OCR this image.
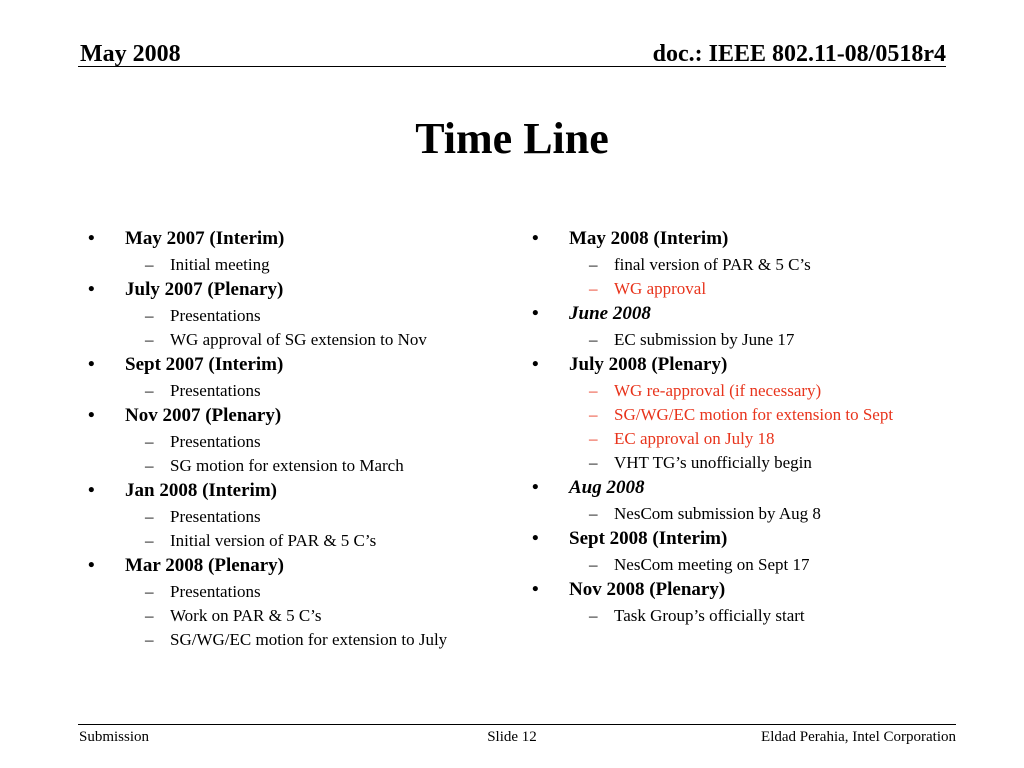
May 2008	doc.: IEEE 802.11-08/0518r4
Time Line
• May 2007 (Interim)
– Initial meeting
• July 2007 (Plenary)
– Presentations
– WG approval of SG extension to Nov
• Sept 2007 (Interim)
– Presentations
• Nov 2007 (Plenary)
– Presentations
– SG motion for extension to March
• Jan 2008 (Interim)
– Presentations
– Initial version of PAR & 5 C’s
• Mar 2008 (Plenary)
– Presentations
– Work on PAR & 5 C’s
– SG/WG/EC motion for extension to July
• May 2008 (Interim)
– final version of PAR & 5 C’s
– WG approval
• June 2008
– EC submission by June 17
• July 2008 (Plenary)
– WG re-approval (if necessary)
– SG/WG/EC motion for extension to Sept
– EC approval on July 18
– VHT TG’s unofficially begin
• Aug 2008
– NesCom submission by Aug 8
• Sept 2008 (Interim)
– NesCom meeting on Sept 17
• Nov 2008 (Plenary)
– Task Group’s officially start
Submission	Slide 12	Eldad Perahia, Intel Corporation
